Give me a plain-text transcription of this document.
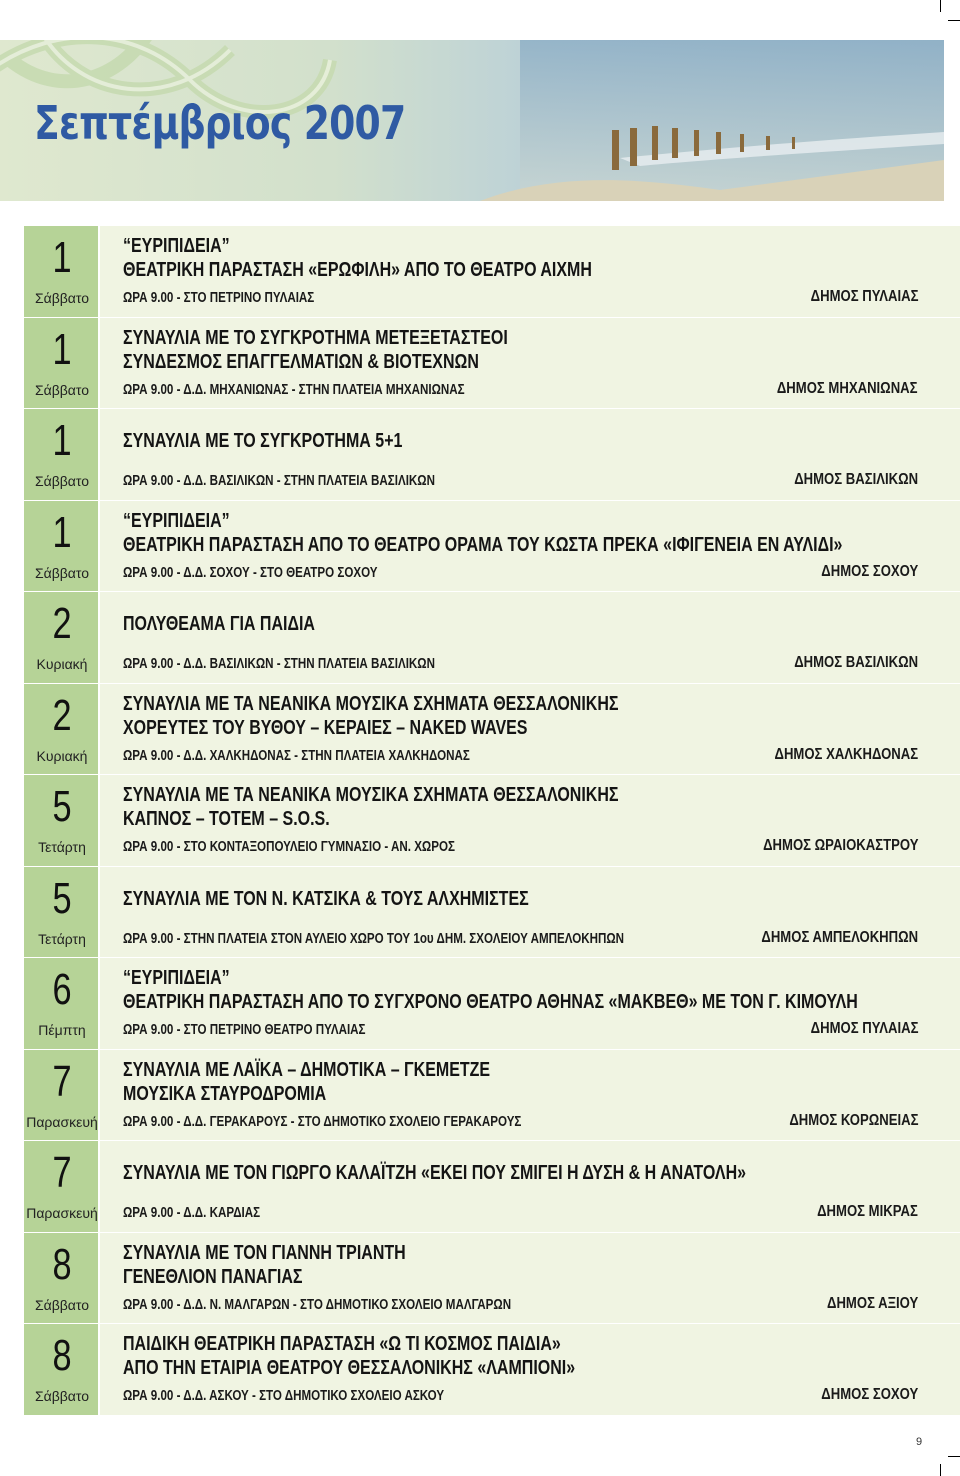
Σεπτέμβριος 2007
1
Σάββατο
“ΕΥΡΙΠΙΔΕΙΑ”
ΘΕΑΤΡΙΚΗ ΠΑΡΑΣΤΑΣΗ «ΕΡΩΦΙΛΗ» ΑΠΟ ΤΟ ΘΕΑΤΡΟ ΑΙΧΜΗ
ΩΡΑ 9.00 - ΣΤΟ ΠΕΤΡΙΝΟ ΠΥΛΑΙΑΣ	ΔΗΜΟΣ ΠΥΛΑΙΑΣ
1
Σάββατο
ΣΥΝΑΥΛΙΑ ΜΕ ΤΟ ΣΥΓΚΡΟΤΗΜΑ ΜΕΤΕΞΕΤΑΣΤΕΟΙ
ΣΥΝΔΕΣΜΟΣ ΕΠΑΓΓΕΛΜΑΤΙΩΝ & ΒΙΟΤΕΧΝΩΝ
ΩΡΑ 9.00 - Δ.Δ. ΜΗΧΑΝΙΩΝΑΣ - ΣΤΗΝ ΠΛΑΤΕΙΑ ΜΗΧΑΝΙΩΝΑΣ	ΔΗΜΟΣ ΜΗΧΑΝΙΩΝΑΣ
1
Σάββατο
ΣΥΝΑΥΛΙΑ ΜΕ ΤΟ ΣΥΓΚΡΟΤΗΜΑ 5+1
ΩΡΑ 9.00 - Δ.Δ. ΒΑΣΙΛΙΚΩΝ - ΣΤΗΝ ΠΛΑΤΕΙΑ ΒΑΣΙΛΙΚΩΝ	ΔΗΜΟΣ ΒΑΣΙΛΙΚΩΝ
1
Σάββατο
“ΕΥΡΙΠΙΔΕΙΑ”
ΘΕΑΤΡΙΚΗ ΠΑΡΑΣΤΑΣΗ ΑΠΟ ΤΟ ΘΕΑΤΡΟ ΟΡΑΜΑ ΤΟΥ ΚΩΣΤΑ ΠΡΕΚΑ «ΙΦΙΓΕΝΕΙΑ ΕΝ ΑΥΛΙΔΙ»
ΩΡΑ 9.00 - Δ.Δ. ΣΟΧΟΥ - ΣΤΟ ΘΕΑΤΡΟ ΣΟΧΟΥ	ΔΗΜΟΣ ΣΟΧΟΥ
2
Κυριακή
ΠΟΛΥΘΕΑΜΑ ΓΙΑ ΠΑΙΔΙΑ
ΩΡΑ 9.00 - Δ.Δ. ΒΑΣΙΛΙΚΩΝ - ΣΤΗΝ ΠΛΑΤΕΙΑ ΒΑΣΙΛΙΚΩΝ	ΔΗΜΟΣ ΒΑΣΙΛΙΚΩΝ
2
Κυριακή
ΣΥΝΑΥΛΙΑ ΜΕ ΤΑ ΝΕΑΝΙΚΑ ΜΟΥΣΙΚΑ ΣΧΗΜΑΤΑ ΘΕΣΣΑΛΟΝΙΚΗΣ
ΧΟΡΕΥΤΕΣ ΤΟΥ ΒΥΘΟΥ – ΚΕΡΑΙΕΣ – NAKED WAVES
ΩΡΑ 9.00 - Δ.Δ. ΧΑΛΚΗΔΟΝΑΣ - ΣΤΗΝ ΠΛΑΤΕΙΑ ΧΑΛΚΗΔΟΝΑΣ	ΔΗΜΟΣ ΧΑΛΚΗΔΟΝΑΣ
5
Τετάρτη
ΣΥΝΑΥΛΙΑ ΜΕ ΤΑ ΝΕΑΝΙΚΑ ΜΟΥΣΙΚΑ ΣΧΗΜΑΤΑ ΘΕΣΣΑΛΟΝΙΚΗΣ
ΚΑΠΝΟΣ – TOTEM – S.O.S.
ΩΡΑ 9.00 - ΣΤΟ ΚΟΝΤΑΞΟΠΟΥΛΕΙΟ ΓΥΜΝΑΣΙΟ - ΑΝ. ΧΩΡΟΣ	ΔΗΜΟΣ ΩΡΑΙΟΚΑΣΤΡΟΥ
5
Τετάρτη
ΣΥΝΑΥΛΙΑ ΜΕ ΤΟΝ Ν. ΚΑΤΣΙΚΑ & ΤΟΥΣ ΑΛΧΗΜΙΣΤΕΣ
ΩΡΑ 9.00 - ΣΤΗΝ ΠΛΑΤΕΙΑ ΣΤΟΝ ΑΥΛΕΙΟ ΧΩΡΟ ΤΟΥ 1ου ΔΗΜ. ΣΧΟΛΕΙΟΥ ΑΜΠΕΛΟΚΗΠΩΝ	ΔΗΜΟΣ ΑΜΠΕΛΟΚΗΠΩΝ
6
Πέμπτη
“ΕΥΡΙΠΙΔΕΙΑ”
ΘΕΑΤΡΙΚΗ ΠΑΡΑΣΤΑΣΗ ΑΠΟ ΤΟ ΣΥΓΧΡΟΝΟ ΘΕΑΤΡΟ ΑΘΗΝΑΣ «ΜΑΚΒΕΘ» ΜΕ ΤΟΝ Γ. ΚΙΜΟΥΛΗ
ΩΡΑ 9.00 - ΣΤΟ ΠΕΤΡΙΝΟ ΘΕΑΤΡΟ ΠΥΛΑΙΑΣ	ΔΗΜΟΣ ΠΥΛΑΙΑΣ
7
Παρασκευή
ΣΥΝΑΥΛΙΑ ΜΕ ΛΑΪΚΑ – ΔΗΜΟΤΙΚΑ – ΓΚΕΜΕΤΖΕ
ΜΟΥΣΙΚΑ ΣΤΑΥΡΟΔΡΟΜΙΑ
ΩΡΑ 9.00 - Δ.Δ. ΓΕΡΑΚΑΡΟΥΣ - ΣΤΟ ΔΗΜΟΤΙΚΟ ΣΧΟΛΕΙΟ ΓΕΡΑΚΑΡΟΥΣ	ΔΗΜΟΣ ΚΟΡΩΝΕΙΑΣ
7
Παρασκευή
ΣΥΝΑΥΛΙΑ ΜΕ ΤΟΝ ΓΙΩΡΓΟ ΚΑΛΑΪΤΖΗ «ΕΚΕΙ ΠΟΥ ΣΜΙΓΕΙ Η ΔΥΣΗ & Η ΑΝΑΤΟΛΗ»
ΩΡΑ 9.00 - Δ.Δ. ΚΑΡΔΙΑΣ	ΔΗΜΟΣ ΜΙΚΡΑΣ
8
Σάββατο
ΣΥΝΑΥΛΙΑ ΜΕ ΤΟΝ ΓΙΑΝΝΗ ΤΡΙΑΝΤΗ
ΓΕΝΕΘΛΙΟΝ ΠΑΝΑΓΙΑΣ
ΩΡΑ 9.00 - Δ.Δ. Ν. ΜΑΛΓΑΡΩΝ - ΣΤΟ ΔΗΜΟΤΙΚΟ ΣΧΟΛΕΙΟ ΜΑΛΓΑΡΩΝ	ΔΗΜΟΣ ΑΞΙΟΥ
8
Σάββατο
ΠΑΙΔΙΚΗ ΘΕΑΤΡΙΚΗ ΠΑΡΑΣΤΑΣΗ «Ω ΤΙ ΚΟΣΜΟΣ ΠΑΙΔΙΑ»
ΑΠΟ ΤΗΝ ΕΤΑΙΡΙΑ ΘΕΑΤΡΟΥ ΘΕΣΣΑΛΟΝΙΚΗΣ «ΛΑΜΠΙΟΝΙ»
ΩΡΑ 9.00 - Δ.Δ. ΑΣΚΟΥ - ΣΤΟ ΔΗΜΟΤΙΚΟ ΣΧΟΛΕΙΟ ΑΣΚΟΥ	ΔΗΜΟΣ ΣΟΧΟΥ
9
